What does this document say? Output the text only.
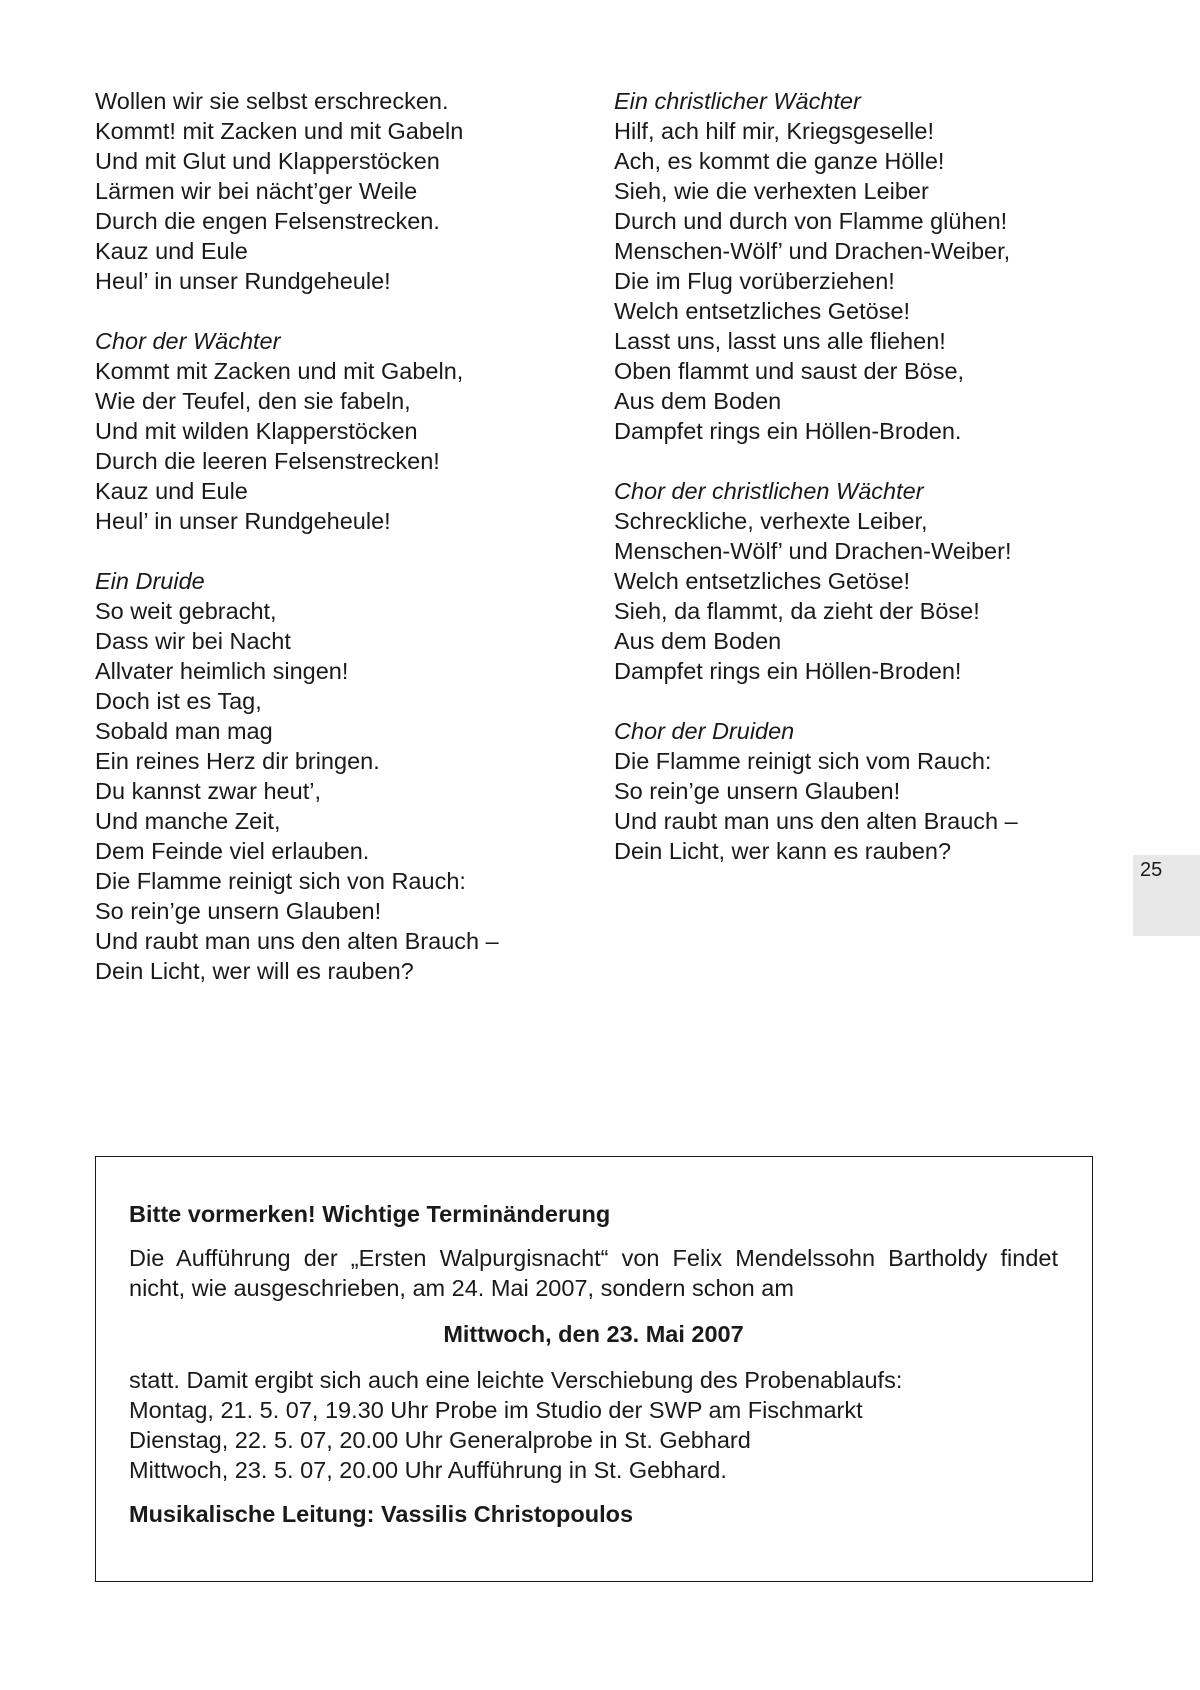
Wollen wir sie selbst erschrecken.
Kommt! mit Zacken und mit Gabeln
Und mit Glut und Klapperstöcken
Lärmen wir bei nächt’ger Weile
Durch die engen Felsenstrecken.
Kauz und Eule
Heul’ in unser Rundgeheule!
Chor der Wächter
Kommt mit Zacken und mit Gabeln,
Wie der Teufel, den sie fabeln,
Und mit wilden Klapperstöcken
Durch die leeren Felsenstrecken!
Kauz und Eule
Heul’ in unser Rundgeheule!
Ein Druide
So weit gebracht,
Dass wir bei Nacht
Allvater heimlich singen!
Doch ist es Tag,
Sobald man mag
Ein reines Herz dir bringen.
Du kannst zwar heut’,
Und manche Zeit,
Dem Feinde viel erlauben.
Die Flamme reinigt sich von Rauch:
So rein’ge unsern Glauben!
Und raubt man uns den alten Brauch –
Dein Licht, wer will es rauben?
Ein christlicher Wächter
Hilf, ach hilf mir, Kriegsgeselle!
Ach, es kommt die ganze Hölle!
Sieh, wie die verhexten Leiber
Durch und durch von Flamme glühen!
Menschen-Wölf’ und Drachen-Weiber,
Die im Flug vorüberziehen!
Welch entsetzliches Getöse!
Lasst uns, lasst uns alle fliehen!
Oben flammt und saust der Böse,
Aus dem Boden
Dampfet rings ein Höllen-Broden.
Chor der christlichen Wächter
Schreckliche, verhexte Leiber,
Menschen-Wölf’ und Drachen-Weiber!
Welch entsetzliches Getöse!
Sieh, da flammt, da zieht der Böse!
Aus dem Boden
Dampfet rings ein Höllen-Broden!
Chor der Druiden
Die Flamme reinigt sich vom Rauch:
So rein’ge unsern Glauben!
Und raubt man uns den alten Brauch –
Dein Licht, wer kann es rauben?
25
Bitte vormerken! Wichtige Terminänderung

Die Aufführung der „Ersten Walpurgisnacht“ von Felix Mendelssohn Bartholdy findet nicht, wie ausgeschrieben, am 24. Mai 2007, sondern schon am

Mittwoch, den 23. Mai 2007
statt. Damit ergibt sich auch eine leichte Verschiebung des Probenablaufs:
Montag, 21. 5. 07, 19.30 Uhr Probe im Studio der SWP am Fischmarkt
Dienstag, 22. 5. 07, 20.00 Uhr Generalprobe in St. Gebhard
Mittwoch, 23. 5. 07, 20.00 Uhr Aufführung in St. Gebhard.
Musikalische Leitung: Vassilis Christopoulos
